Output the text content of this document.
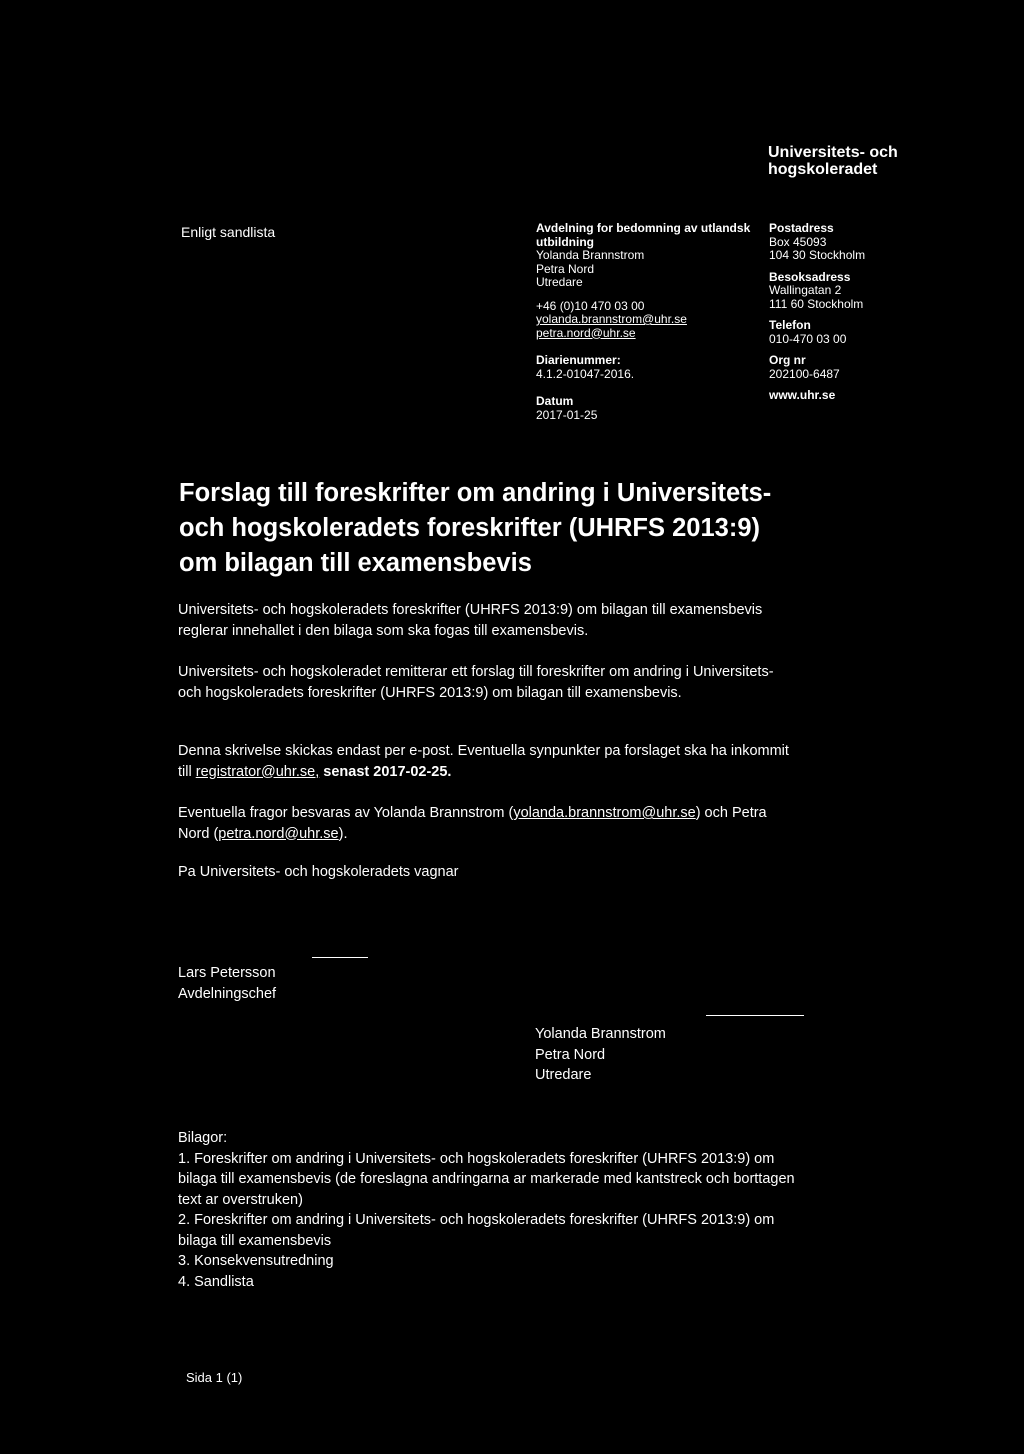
Universitets- och
hogskoleradet
Enligt sandlista	Avdelning for bedomning av utlandsk utbildning
Yolanda Brannstrom
Petra Nord
Utredare
+46 (0)10 470 03 00
yolanda.brannstrom@uhr.se
petra.nord@uhr.se
Diarienummer:
4.1.2-01047-2016.
Datum
2017-01-25
Postadress
Box 45093
104 30 Stockholm
Besoksadress
Wallingatan 2
111 60 Stockholm
Telefon
010-470 03 00
Org nr
202100-6487
www.uhr.se
Forslag till foreskrifter om andring i Universitets- och hogskoleradets foreskrifter (UHRFS 2013:9) om bilagan till examensbevis
Universitets- och hogskoleradets foreskrifter (UHRFS 2013:9) om bilagan till examensbevis reglerar innehallet i den bilaga som ska fogas till examensbevis.
Universitets- och hogskoleradet remitterar ett forslag till foreskrifter om andring i Universitets- och hogskoleradets foreskrifter (UHRFS 2013:9) om bilagan till examensbevis.
Denna skrivelse skickas endast per e-post. Eventuella synpunkter pa forslaget ska ha inkommit till registrator@uhr.se, senast 2017-02-25.
Eventuella fragor besvaras av Yolanda Brannstrom (yolanda.brannstrom@uhr.se) och Petra Nord (petra.nord@uhr.se).
Pa Universitets- och hogskoleradets vagnar
Lars Petersson
Avdelningschef
Yolanda Brannstrom
Petra Nord
Utredare
Bilagor:
1. Foreskrifter om andring i Universitets- och hogskoleradets foreskrifter (UHRFS 2013:9) om bilaga till examensbevis (de foreslagna andringarna ar markerade med kantstreck och borttagen text ar overstruken)
2. Foreskrifter om andring i Universitets- och hogskoleradets foreskrifter (UHRFS 2013:9) om bilaga till examensbevis
3. Konsekvensutredning
4. Sandlista
Sida 1 (1)
